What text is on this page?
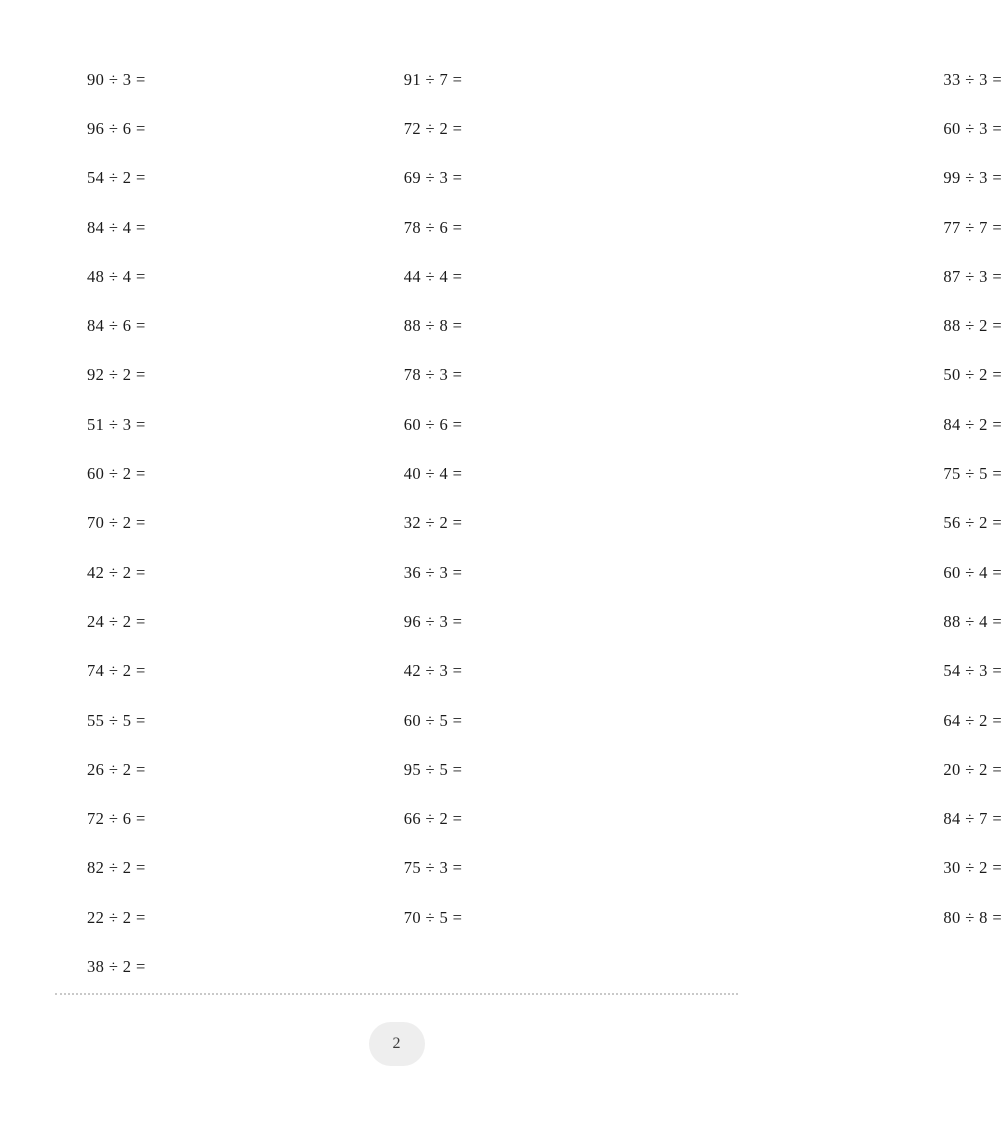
90 ÷ 3 =	91 ÷ 7 =	33 ÷ 3 =
96 ÷ 6 =	72 ÷ 2 =	60 ÷ 3 =
54 ÷ 2 =	69 ÷ 3 =	99 ÷ 3 =
84 ÷ 4 =	78 ÷ 6 =	77 ÷ 7 =
48 ÷ 4 =	44 ÷ 4 =	87 ÷ 3 =
84 ÷ 6 =	88 ÷ 8 =	88 ÷ 2 =
92 ÷ 2 =	78 ÷ 3 =	50 ÷ 2 =
51 ÷ 3 =	60 ÷ 6 =	84 ÷ 2 =
60 ÷ 2 =	40 ÷ 4 =	75 ÷ 5 =
70 ÷ 2 =	32 ÷ 2 =	56 ÷ 2 =
42 ÷ 2 =	36 ÷ 3 =	60 ÷ 4 =
24 ÷ 2 =	96 ÷ 3 =	88 ÷ 4 =
74 ÷ 2 =	42 ÷ 3 =	54 ÷ 3 =
55 ÷ 5 =	60 ÷ 5 =	64 ÷ 2 =
26 ÷ 2 =	95 ÷ 5 =	20 ÷ 2 =
72 ÷ 6 =	66 ÷ 2 =	84 ÷ 7 =
82 ÷ 2 =	75 ÷ 3 =	30 ÷ 2 =
22 ÷ 2 =	70 ÷ 5 =	80 ÷ 8 =
38 ÷ 2 =
2
